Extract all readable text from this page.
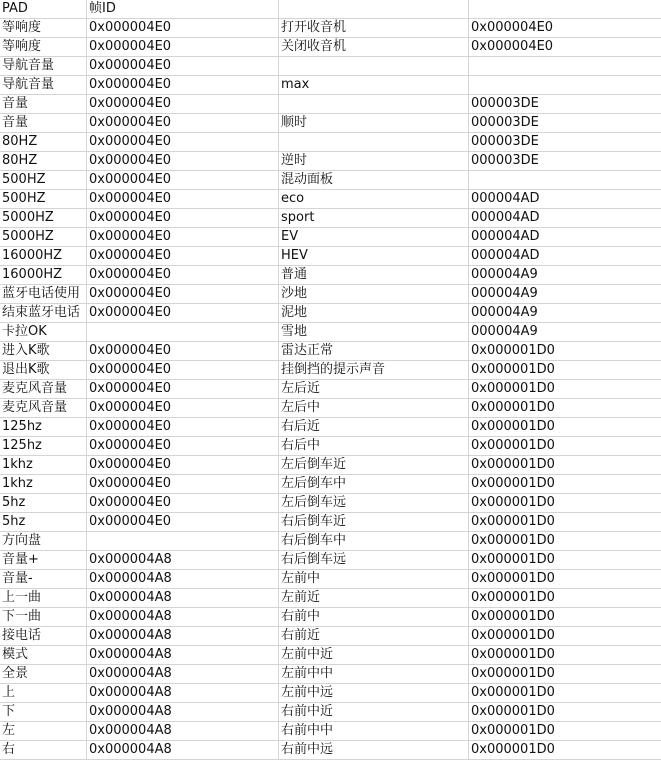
PAD	帧ID		
等响度	0x000004E0	打开收音机	0x000004E0
等响度	0x000004E0	关闭收音机	0x000004E0
导航音量	0x000004E0		
导航音量	0x000004E0	max	
音量	0x000004E0		000003DE
音量	0x000004E0	顺时	000003DE
80HZ	0x000004E0		000003DE
80HZ	0x000004E0	逆时	000003DE
500HZ	0x000004E0	混动面板	
500HZ	0x000004E0	eco	000004AD
5000HZ	0x000004E0	sport	000004AD
5000HZ	0x000004E0	EV	000004AD
16000HZ	0x000004E0	HEV	000004AD
16000HZ	0x000004E0	普通	000004A9
蓝牙电话使用	0x000004E0	沙地	000004A9
结束蓝牙电话	0x000004E0	泥地	000004A9
卡拉OK		雪地	000004A9
进入K歌	0x000004E0	雷达正常	0x000001D0
退出K歌	0x000004E0	挂倒挡的提示声音	0x000001D0
麦克风音量	0x000004E0	左后近	0x000001D0
麦克风音量	0x000004E0	左后中	0x000001D0
125hz	0x000004E0	右后近	0x000001D0
125hz	0x000004E0	右后中	0x000001D0
1khz	0x000004E0	左后倒车近	0x000001D0
1khz	0x000004E0	左后倒车中	0x000001D0
5hz	0x000004E0	左后倒车远	0x000001D0
5hz	0x000004E0	右后倒车近	0x000001D0
方向盘		右后倒车中	0x000001D0
音量+	0x000004A8	右后倒车远	0x000001D0
音量-	0x000004A8	左前中	0x000001D0
上一曲	0x000004A8	左前近	0x000001D0
下一曲	0x000004A8	右前中	0x000001D0
接电话	0x000004A8	右前近	0x000001D0
模式	0x000004A8	左前中近	0x000001D0
全景	0x000004A8	左前中中	0x000001D0
上	0x000004A8	左前中远	0x000001D0
下	0x000004A8	右前中近	0x000001D0
左	0x000004A8	右前中中	0x000001D0
右	0x000004A8	右前中远	0x000001D0
